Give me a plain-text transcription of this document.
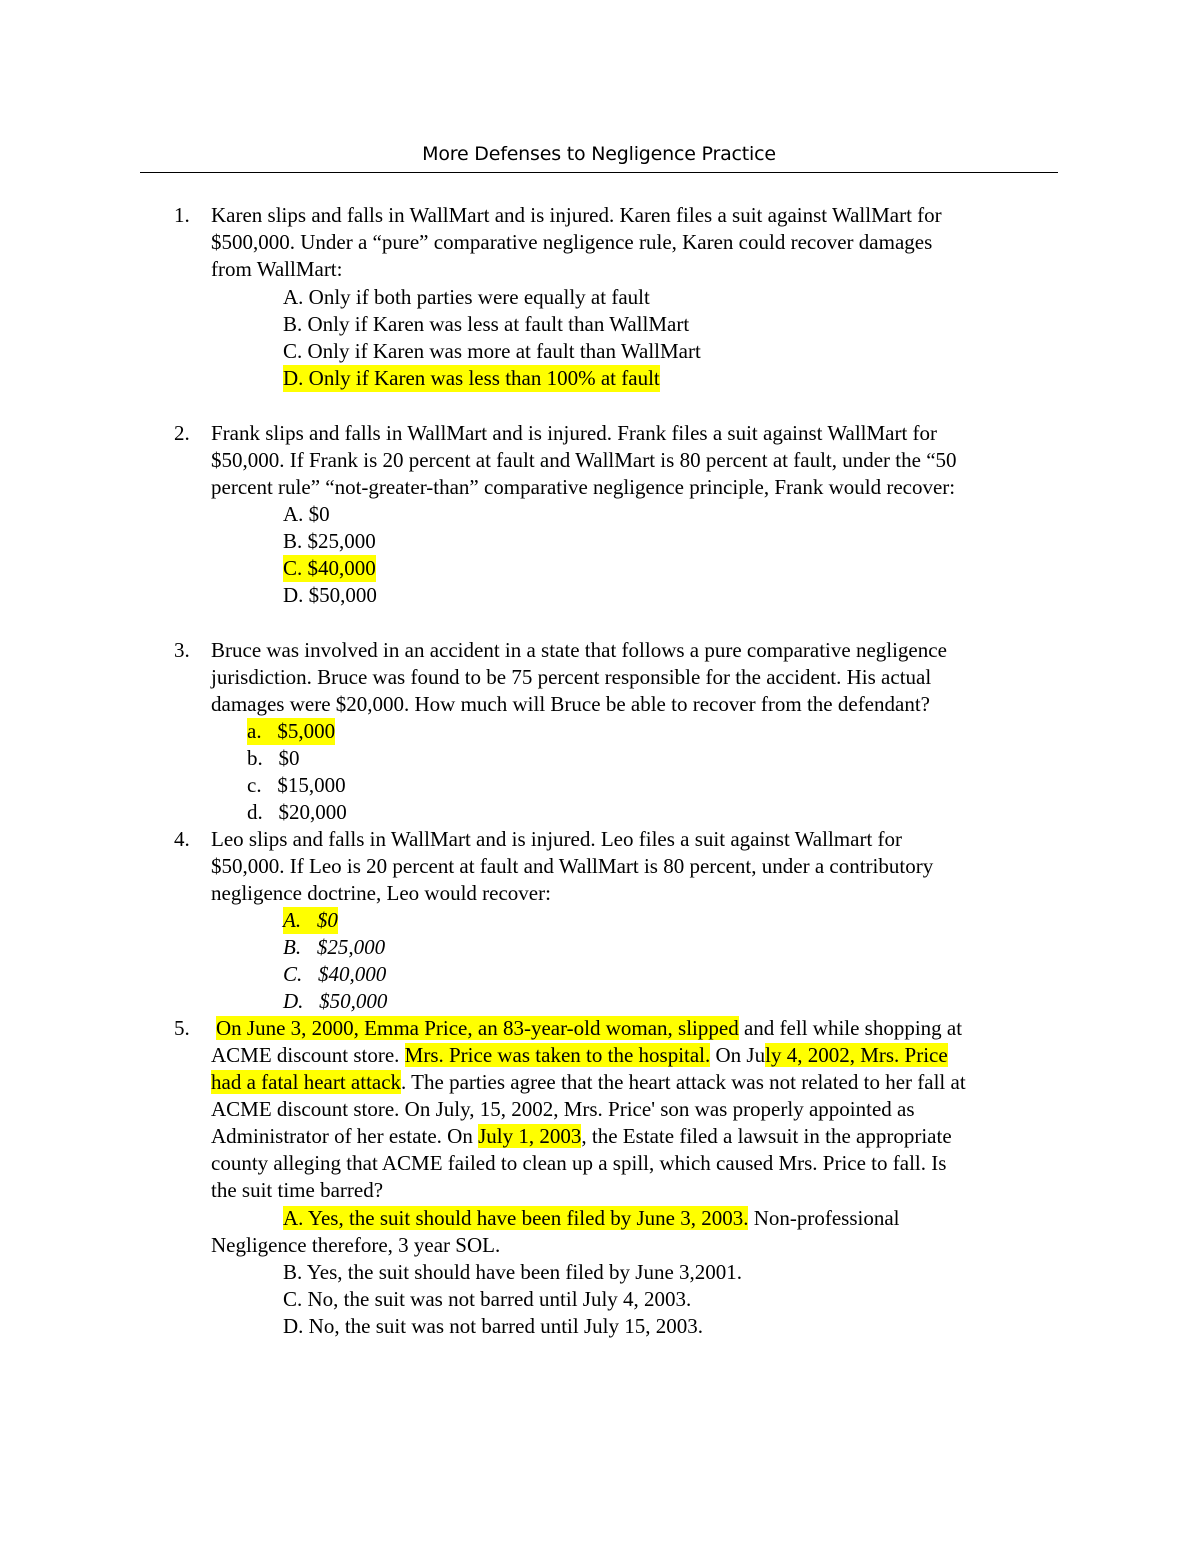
More Defenses to Negligence Practice
1. Karen slips and falls in WallMart and is injured. Karen files a suit against WallMart for
$500,000. Under a “pure” comparative negligence rule, Karen could recover damages
from WallMart:
A. Only if both parties were equally at fault
B. Only if Karen was less at fault than WallMart
C. Only if Karen was more at fault than WallMart
D. Only if Karen was less than 100% at fault
2. Frank slips and falls in WallMart and is injured. Frank files a suit against WallMart for
$50,000. If Frank is 20 percent at fault and WallMart is 80 percent at fault, under the “50
percent rule” “not-greater-than” comparative negligence principle, Frank would recover:
A. $0
B. $25,000
C. $40,000
D. $50,000
3. Bruce was involved in an accident in a state that follows a pure comparative negligence
jurisdiction. Bruce was found to be 75 percent responsible for the accident. His actual
damages were $20,000. How much will Bruce be able to recover from the defendant?
a.   $5,000
b.   $0
c.   $15,000
d.   $20,000
4. Leo slips and falls in WallMart and is injured. Leo files a suit against Wallmart for
$50,000. If Leo is 20 percent at fault and WallMart is 80 percent, under a contributory
negligence doctrine, Leo would recover:
A.   $0
B.   $25,000
C.   $40,000
D.   $50,000
5. On June 3, 2000, Emma Price, an 83-year-old woman, slipped and fell while shopping at
ACME discount store. Mrs. Price was taken to the hospital. On July 4, 2002, Mrs. Price
had a fatal heart attack. The parties agree that the heart attack was not related to her fall at
ACME discount store. On July, 15, 2002, Mrs. Price' son was properly appointed as
Administrator of her estate. On July 1, 2003, the Estate filed a lawsuit in the appropriate
county alleging that ACME failed to clean up a spill, which caused Mrs. Price to fall. Is
the suit time barred?
A. Yes, the suit should have been filed by June 3, 2003. Non-professional
Negligence therefore, 3 year SOL.
B. Yes, the suit should have been filed by June 3,2001.
C. No, the suit was not barred until July 4, 2003.
D. No, the suit was not barred until July 15, 2003.
